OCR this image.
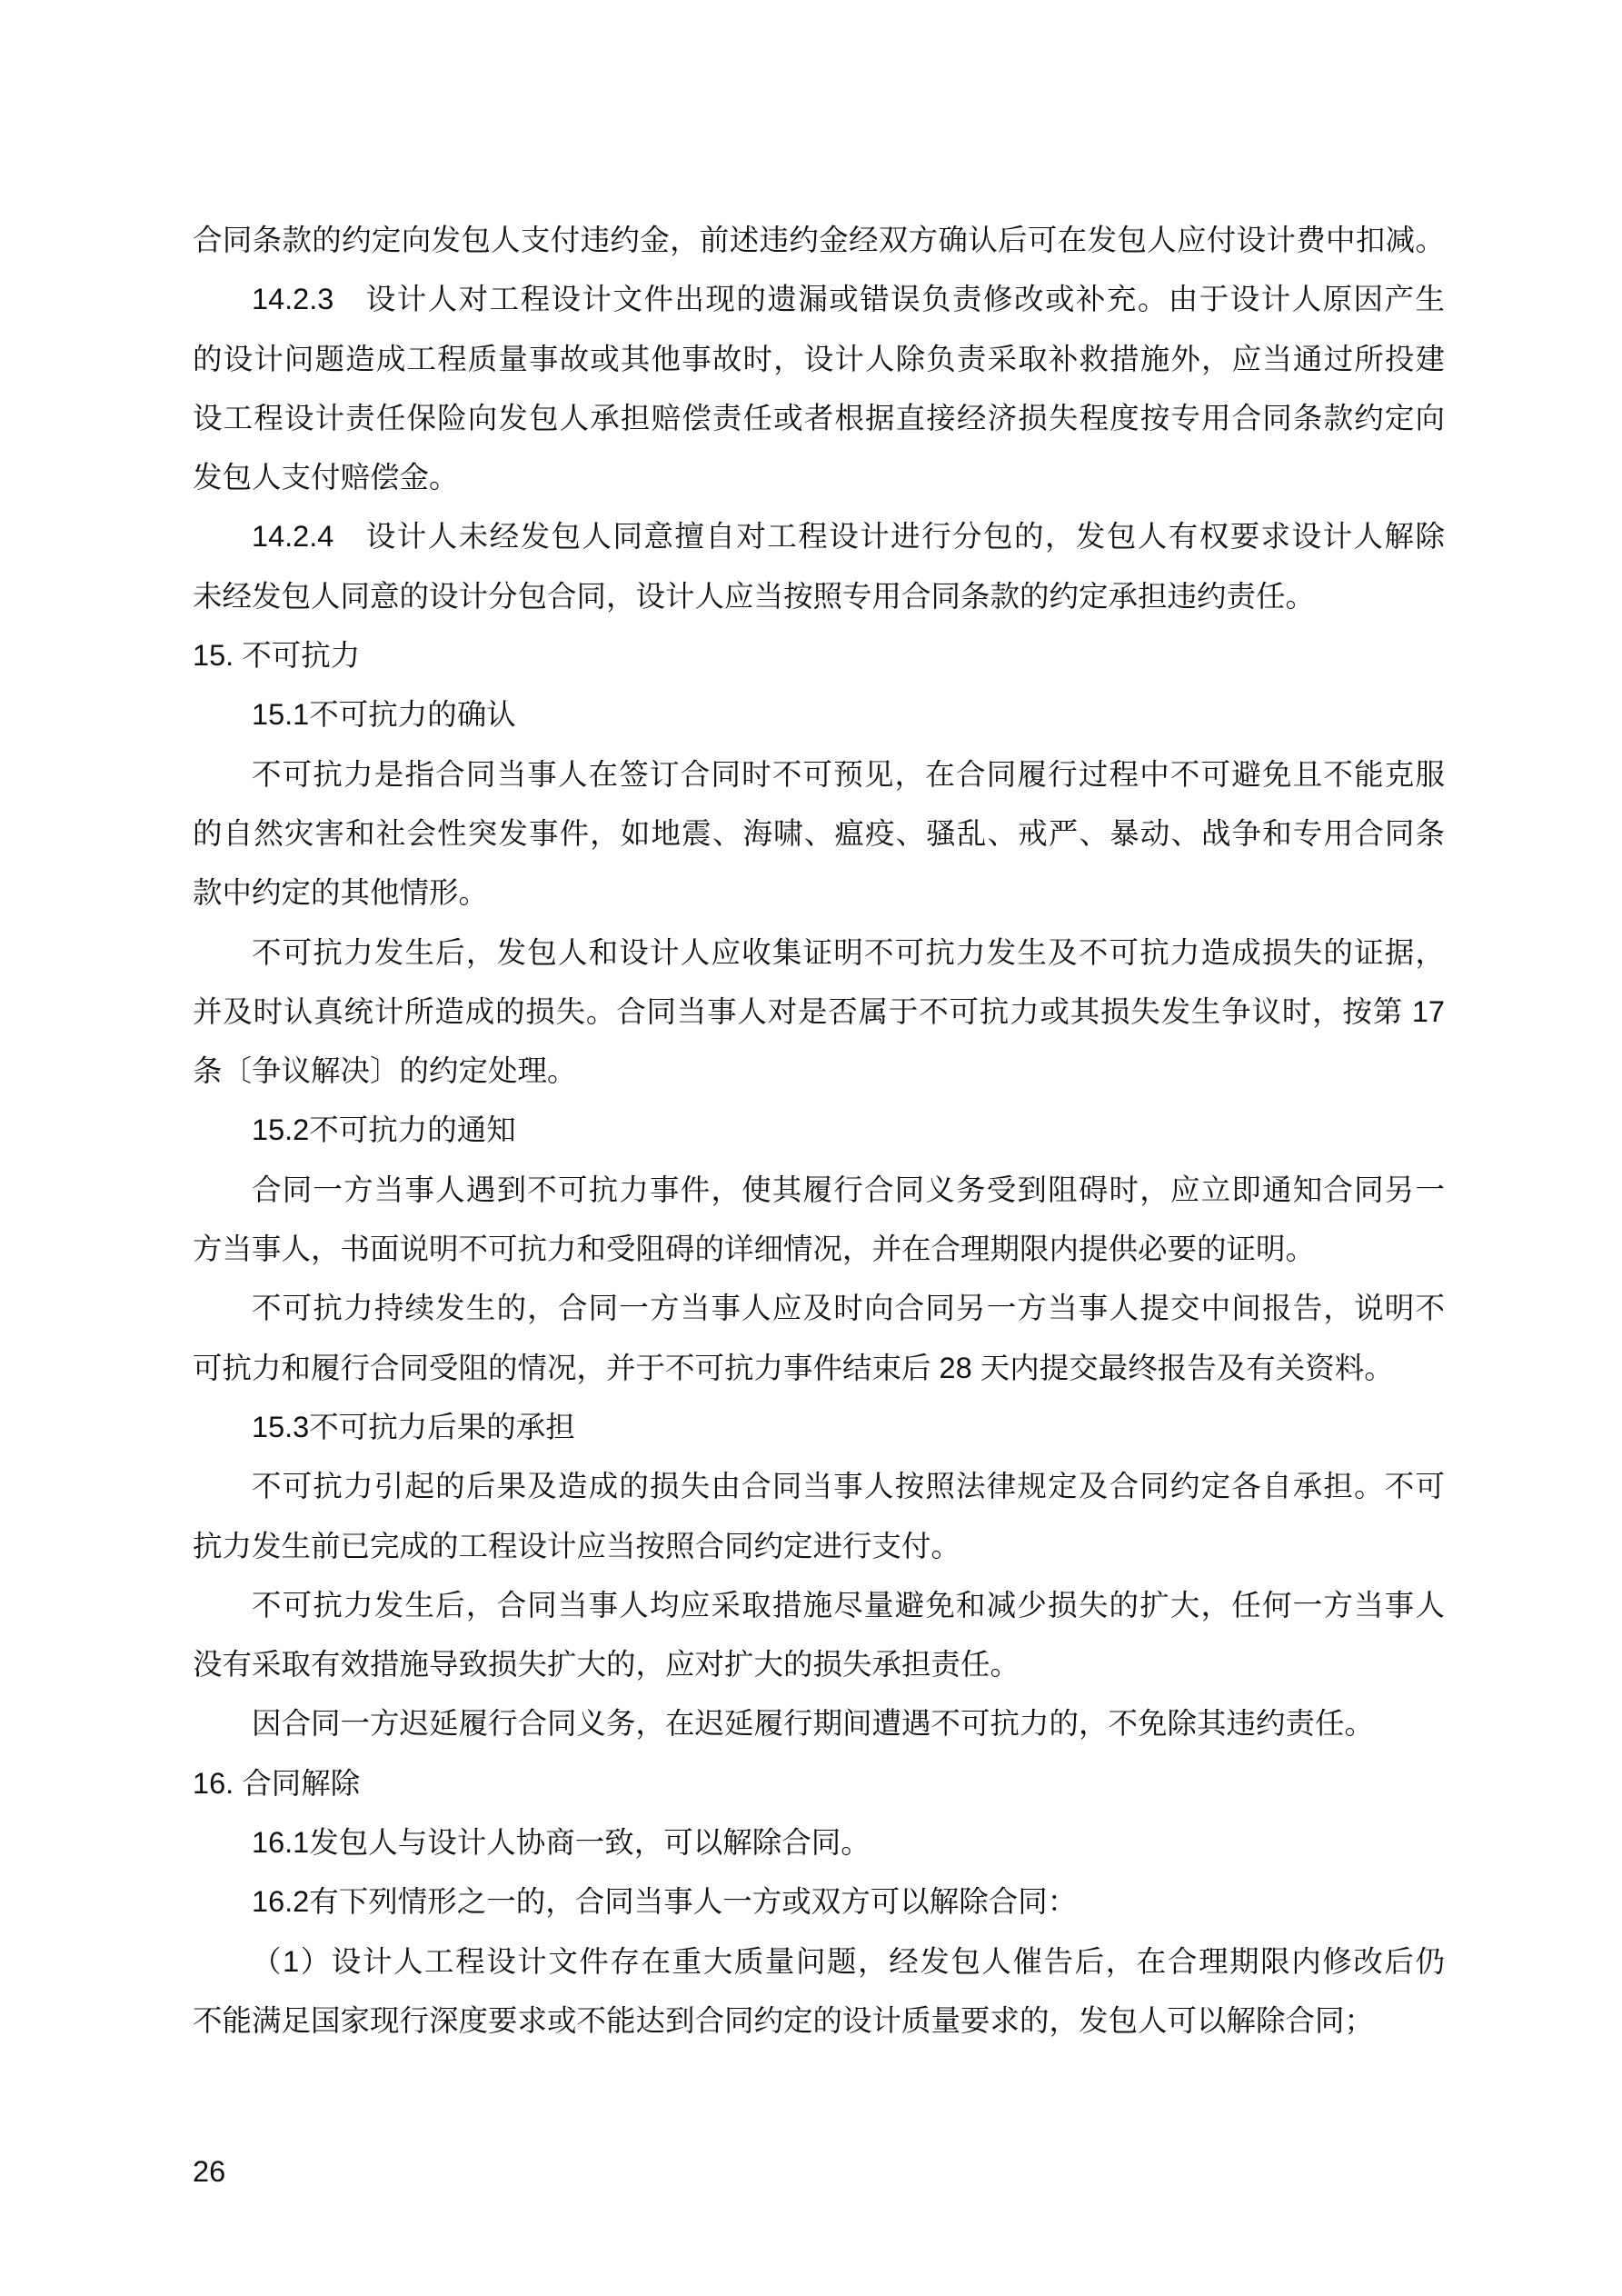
合同条款的约定向发包人支付违约金，前述违约金经双方确认后可在发包人应付设计费中扣减。
14.2.3　设计人对工程设计文件出现的遗漏或错误负责修改或补充。由于设计人原因产生
的设计问题造成工程质量事故或其他事故时，设计人除负责采取补救措施外，应当通过所投建
设工程设计责任保险向发包人承担赔偿责任或者根据直接经济损失程度按专用合同条款约定向
发包人支付赔偿金。
14.2.4　设计人未经发包人同意擅自对工程设计进行分包的，发包人有权要求设计人解除
未经发包人同意的设计分包合同，设计人应当按照专用合同条款的约定承担违约责任。
15. 不可抗力
15.1不可抗力的确认
不可抗力是指合同当事人在签订合同时不可预见，在合同履行过程中不可避免且不能克服
的自然灾害和社会性突发事件，如地震、海啸、瘟疫、骚乱、戒严、暴动、战争和专用合同条
款中约定的其他情形。
不可抗力发生后，发包人和设计人应收集证明不可抗力发生及不可抗力造成损失的证据，
并及时认真统计所造成的损失。合同当事人对是否属于不可抗力或其损失发生争议时，按第 17
条〔争议解决〕的约定处理。
15.2不可抗力的通知
合同一方当事人遇到不可抗力事件，使其履行合同义务受到阻碍时，应立即通知合同另一
方当事人，书面说明不可抗力和受阻碍的详细情况，并在合理期限内提供必要的证明。
不可抗力持续发生的，合同一方当事人应及时向合同另一方当事人提交中间报告，说明不
可抗力和履行合同受阻的情况，并于不可抗力事件结束后 28 天内提交最终报告及有关资料。
15.3不可抗力后果的承担
不可抗力引起的后果及造成的损失由合同当事人按照法律规定及合同约定各自承担。不可
抗力发生前已完成的工程设计应当按照合同约定进行支付。
不可抗力发生后，合同当事人均应采取措施尽量避免和减少损失的扩大，任何一方当事人
没有采取有效措施导致损失扩大的，应对扩大的损失承担责任。
因合同一方迟延履行合同义务，在迟延履行期间遭遇不可抗力的，不免除其违约责任。
16. 合同解除
16.1发包人与设计人协商一致，可以解除合同。
16.2有下列情形之一的，合同当事人一方或双方可以解除合同：
（1）设计人工程设计文件存在重大质量问题，经发包人催告后，在合理期限内修改后仍
不能满足国家现行深度要求或不能达到合同约定的设计质量要求的，发包人可以解除合同；
26
